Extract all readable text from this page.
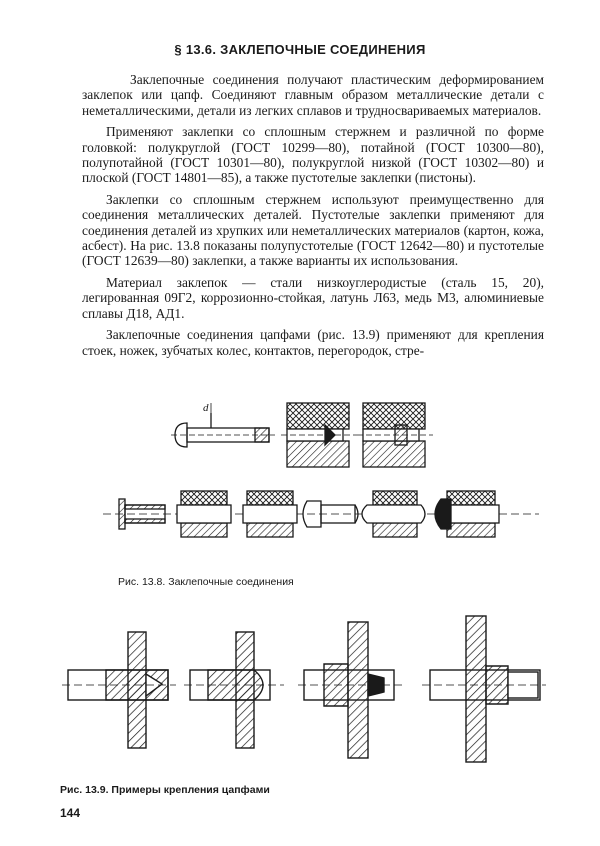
§ 13.6. ЗАКЛЕПОЧНЫЕ СОЕДИНЕНИЯ

Заклепочные соединения получают пластическим деформированием заклепок или цапф. Соединяют главным образом металлические детали с неметаллическими, детали из легких сплавов и трудносвариваемых материалов.

Применяют заклепки со сплошным стержнем и различной по форме головкой: полукруглой (ГОСТ 10299—80), потайной (ГОСТ 10300—80), полупотайной (ГОСТ 10301—80), полукруглой низкой (ГОСТ 10302—80) и плоской (ГОСТ 14801—85), а также пустотелые заклепки (пистоны).

Заклепки со сплошным стержнем используют преимущественно для соединения металлических деталей. Пустотелые заклепки применяют для соединения деталей из хрупких или неметаллических материалов (картон, кожа, асбест). На рис. 13.8 показаны полупустотелые (ГОСТ 12642—80) и пустотелые (ГОСТ 12639—80) заклепки, а также варианты их использования.

Материал заклепок — стали низкоуглеродистые (сталь 15, 20), легированная 09Г2, коррозионно-стойкая, латунь Л63, медь М3, алюминиевые сплавы Д18, АД1.

Заклепочные соединения цапфами (рис. 13.9) применяют для крепления стоек, ножек, зубчатых колес, контактов, перегородок, стре-

d
Рис. 13.8. Заклепочные соединения
Рис. 13.9. Примеры крепления цапфами
144
